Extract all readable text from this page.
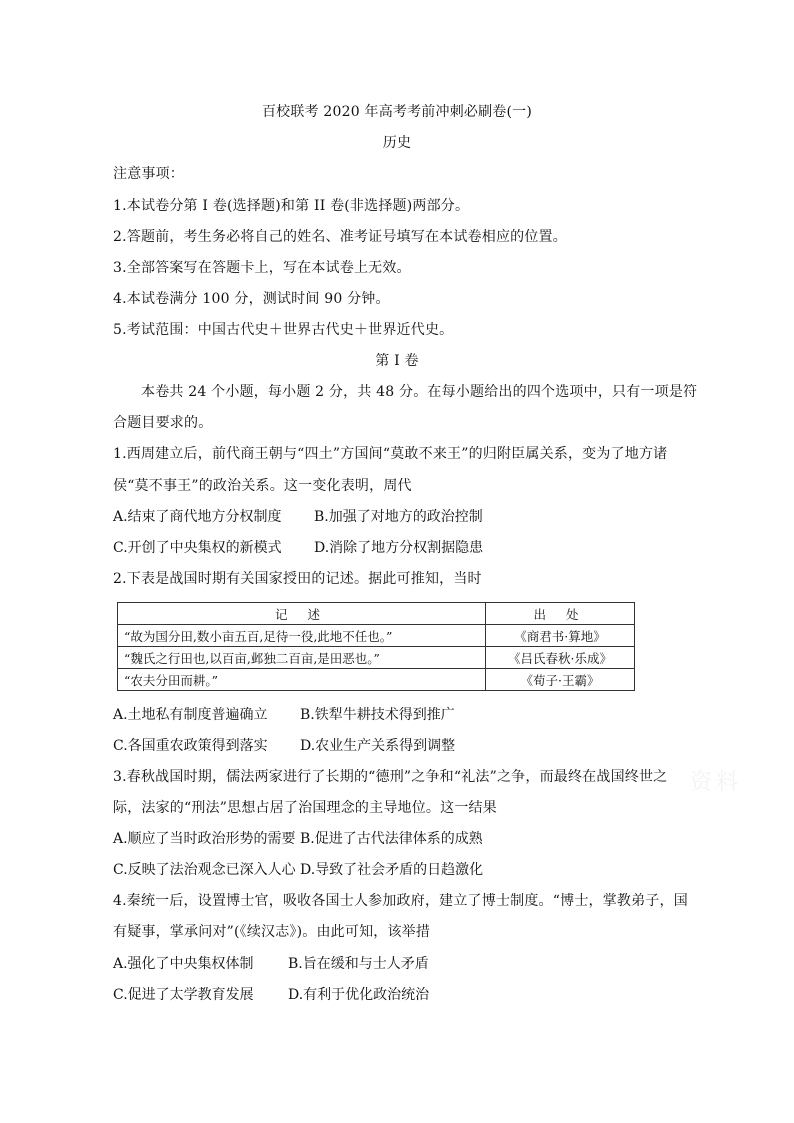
百校联考 2020 年高考考前冲刺必刷卷(一)
历史
注意事项：
1.本试卷分第 I 卷(选择题)和第 II 卷(非选择题)两部分。
2.答题前，考生务必将自己的姓名、准考证号填写在本试卷相应的位置。
3.全部答案写在答题卡上，写在本试卷上无效。
4.本试卷满分 100 分，测试时间 90 分钟。
5.考试范围：中国古代史＋世界古代史＋世界近代史。
第 I 卷
本卷共 24 个小题，每小题 2 分，共 48 分。在每小题给出的四个选项中，只有一项是符
合题目要求的。
1.西周建立后，前代商王朝与“四土”方国间“莫敢不来王”的归附臣属关系，变为了地方诸
侯“莫不事王”的政治关系。这一变化表明，周代
A.结束了商代地方分权制度 B.加强了对地方的政治控制
C.开创了中央集权的新模式 D.消除了地方分权割据隐患
2.下表是战国时期有关国家授田的记述。据此可推知，当时
记 述	出 处
“故为国分田,数小亩五百,足待一役,此地不任也。”	《商君书·算地》
“魏氏之行田也,以百亩,邺独二百亩,是田恶也。”	《吕氏春秋·乐成》
“农夫分田而耕。”	《荀子·王霸》
A.土地私有制度普遍确立 B.铁犁牛耕技术得到推广
C.各国重农政策得到落实 D.农业生产关系得到调整
3.春秋战国时期，儒法两家进行了长期的“德刑”之争和“礼法”之争，而最终在战国终世之
际，法家的“刑法”思想占居了治国理念的主导地位。这一结果
A.顺应了当时政治形势的需要 B.促进了古代法律体系的成熟
C.反映了法治观念已深入人心 D.导致了社会矛盾的日趋激化
4.秦统一后，设置博士官，吸收各国士人参加政府，建立了博士制度。“博士，掌教弟子，国
有疑事，掌承问对”(《续汉志》)。由此可知，该举措
A.强化了中央集权体制 B.旨在缓和与士人矛盾
C.促进了太学教育发展 D.有利于优化政治统治
资料
